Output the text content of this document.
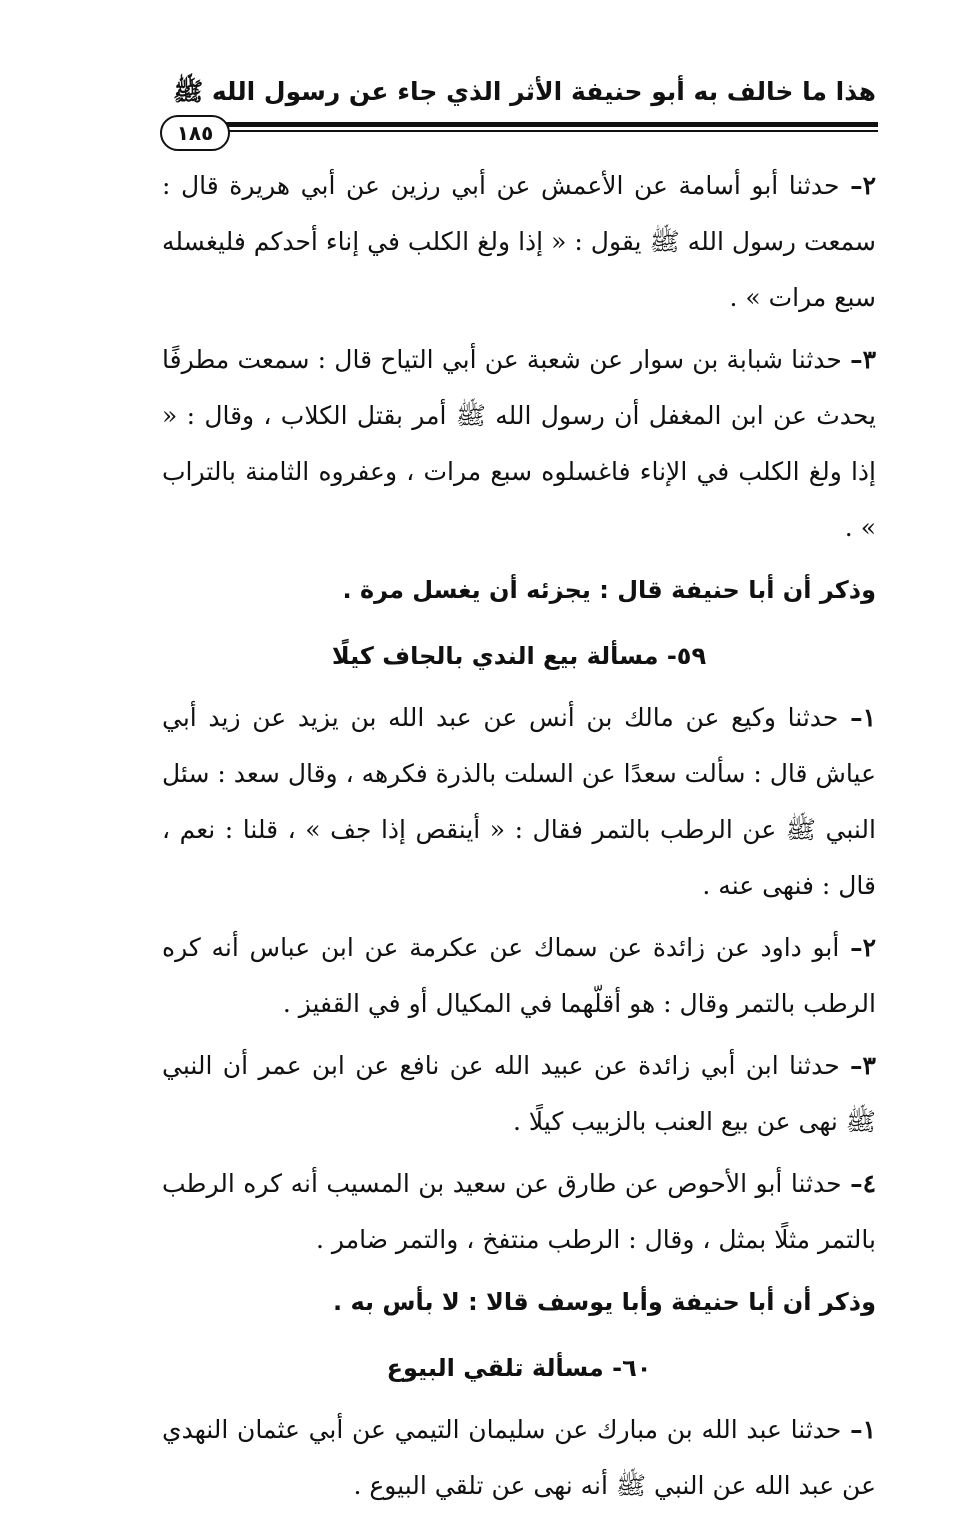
هذا ما خالف به أبو حنيفة الأثر الذي جاء عن رسول الله ﷺ
١٨٥

٢– حدثنا أبو أسامة عن الأعمش عن أبي رزين عن أبي هريرة قال : سمعت رسول الله ﷺ يقول : « إذا ولغ الكلب في إناء أحدكم فليغسله سبع مرات » .

٣– حدثنا شبابة بن سوار عن شعبة عن أبي التياح قال : سمعت مطرفًا يحدث عن ابن المغفل أن رسول الله ﷺ أمر بقتل الكلاب ، وقال : « إذا ولغ الكلب في الإناء فاغسلوه سبع مرات ، وعفروه الثامنة بالتراب » .

وذكر أن أبا حنيفة قال : يجزئه أن يغسل مرة .

٥٩- مسألة بيع الندي بالجاف كيلًا

١– حدثنا وكيع عن مالك بن أنس عن عبد الله بن يزيد عن زيد أبي عياش قال : سألت سعدًا عن السلت بالذرة فكرهه ، وقال سعد : سئل النبي ﷺ عن الرطب بالتمر فقال : « أينقص إذا جف » ، قلنا : نعم ، قال : فنهى عنه .

٢– أبو داود عن زائدة عن سماك عن عكرمة عن ابن عباس أنه كره الرطب بالتمر وقال : هو أقلّهما في المكيال أو في القفيز .

٣– حدثنا ابن أبي زائدة عن عبيد الله عن نافع عن ابن عمر أن النبي ﷺ نهى عن بيع العنب بالزبيب كيلًا .

٤– حدثنا أبو الأحوص عن طارق عن سعيد بن المسيب أنه كره الرطب بالتمر مثلًا بمثل ، وقال : الرطب منتفخ ، والتمر ضامر .

وذكر أن أبا حنيفة وأبا يوسف قالا : لا بأس به .

٦٠- مسألة تلقي البيوع

١– حدثنا عبد الله بن مبارك عن سليمان التيمي عن أبي عثمان النهدي عن عبد الله عن النبي ﷺ أنه نهى عن تلقي البيوع .
